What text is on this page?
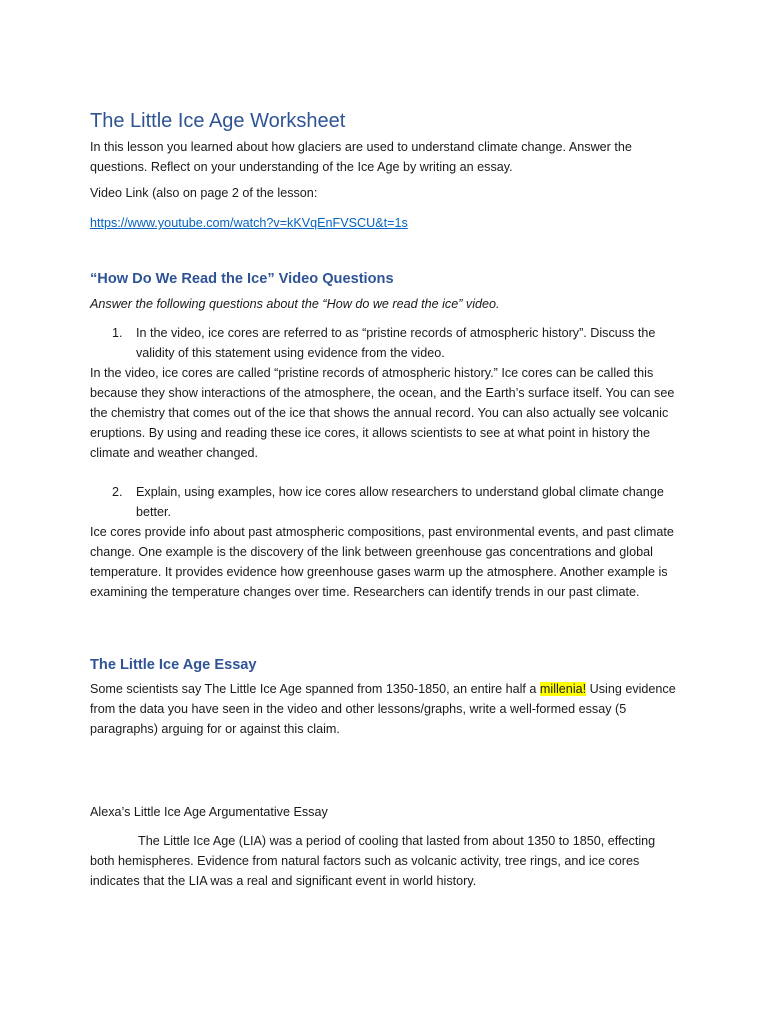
The Little Ice Age Worksheet

In this lesson you learned about how glaciers are used to understand climate change. Answer the questions. Reflect on your understanding of the Ice Age by writing an essay.

Video Link (also on page 2 of the lesson:

https://www.youtube.com/watch?v=kKVqEnFVSCU&t=1s

“How Do We Read the Ice” Video Questions

Answer the following questions about the “How do we read the ice” video.

1. In the video, ice cores are referred to as “pristine records of atmospheric history”. Discuss the validity of this statement using evidence from the video.

In the video, ice cores are called “pristine records of atmospheric history.” Ice cores can be called this because they show interactions of the atmosphere, the ocean, and the Earth’s surface itself. You can see the chemistry that comes out of the ice that shows the annual record. You can also actually see volcanic eruptions. By using and reading these ice cores, it allows scientists to see at what point in history the climate and weather changed.

2. Explain, using examples, how ice cores allow researchers to understand global climate change better.

Ice cores provide info about past atmospheric compositions, past environmental events, and past climate change. One example is the discovery of the link between greenhouse gas concentrations and global temperature. It provides evidence how greenhouse gases warm up the atmosphere. Another example is examining the temperature changes over time. Researchers can identify trends in our past climate.

The Little Ice Age Essay

Some scientists say The Little Ice Age spanned from 1350-1850, an entire half a millenia! Using evidence from the data you have seen in the video and other lessons/graphs, write a well-formed essay (5 paragraphs) arguing for or against this claim.

Alexa’s Little Ice Age Argumentative Essay

The Little Ice Age (LIA) was a period of cooling that lasted from about 1350 to 1850, effecting both hemispheres. Evidence from natural factors such as volcanic activity, tree rings, and ice cores indicates that the LIA was a real and significant event in world history.
